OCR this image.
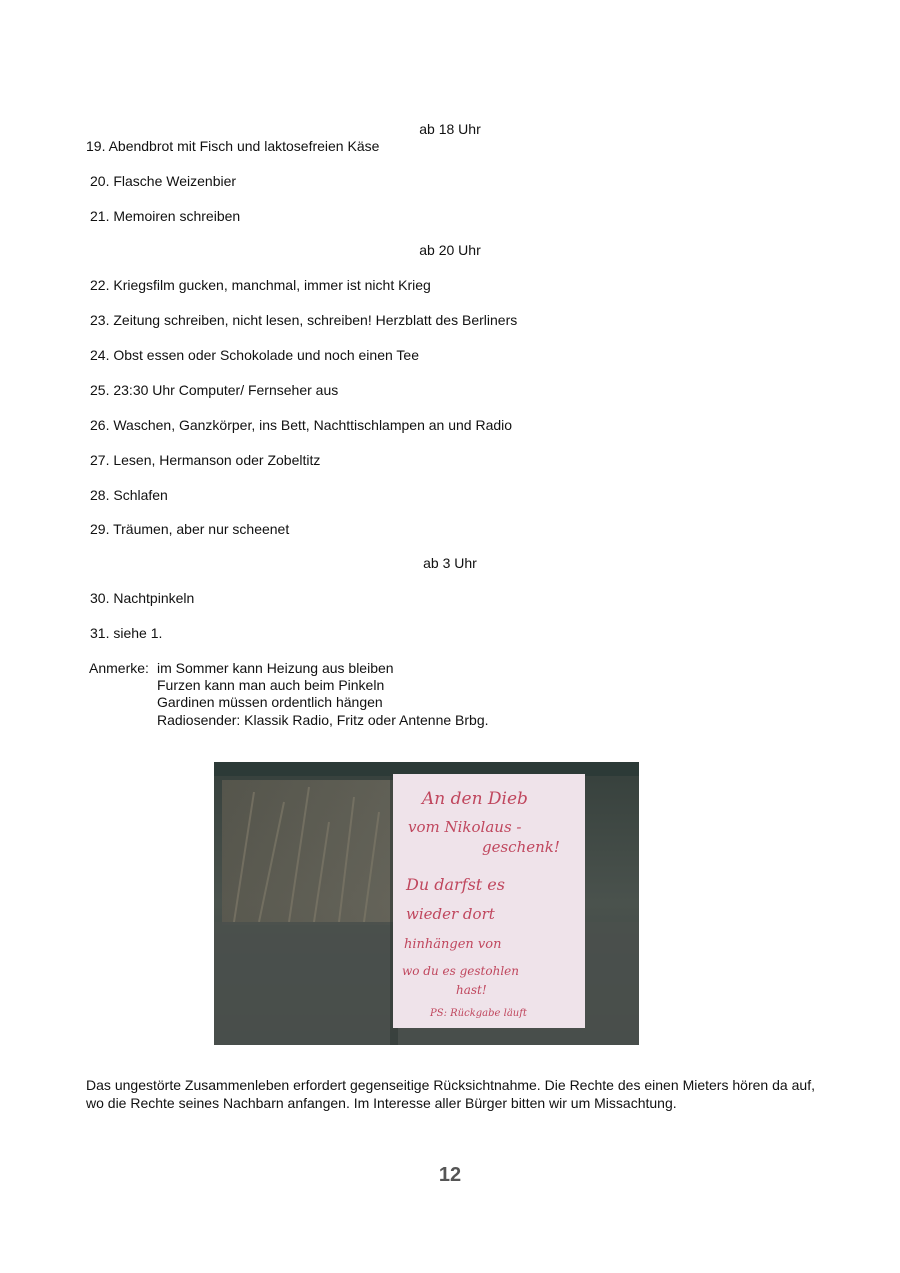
ab 18 Uhr
19. Abendbrot mit Fisch und laktosefreien Käse
20. Flasche Weizenbier
21. Memoiren schreiben
ab 20 Uhr
22. Kriegsfilm gucken, manchmal, immer ist nicht Krieg
23. Zeitung schreiben, nicht lesen, schreiben! Herzblatt des Berliners
24. Obst essen oder Schokolade und noch einen Tee
25. 23:30 Uhr Computer/ Fernseher aus
26. Waschen, Ganzkörper, ins Bett, Nachttischlampen an und Radio
27. Lesen, Hermanson oder Zobeltitz
28. Schlafen
29. Träumen, aber nur scheenet
ab 3 Uhr
30. Nachtpinkeln
31. siehe 1.
Anmerke: im Sommer kann Heizung aus bleiben
Furzen kann man auch beim Pinkeln
Gardinen müssen ordentlich hängen
Radiosender: Klassik Radio, Fritz oder Antenne Brbg.
An den Dieb
vom Nikolaus -
geschenk!
Du darfst es
wieder dort
hinhängen von
wo du es gestohlen
hast!
PS: Rückgabe läuft
Das ungestörte Zusammenleben erfordert gegenseitige Rücksichtnahme. Die Rechte des einen Mieters hören da auf, wo die Rechte seines Nachbarn anfangen. Im Interesse aller Bürger bitten wir um Missachtung.
12
